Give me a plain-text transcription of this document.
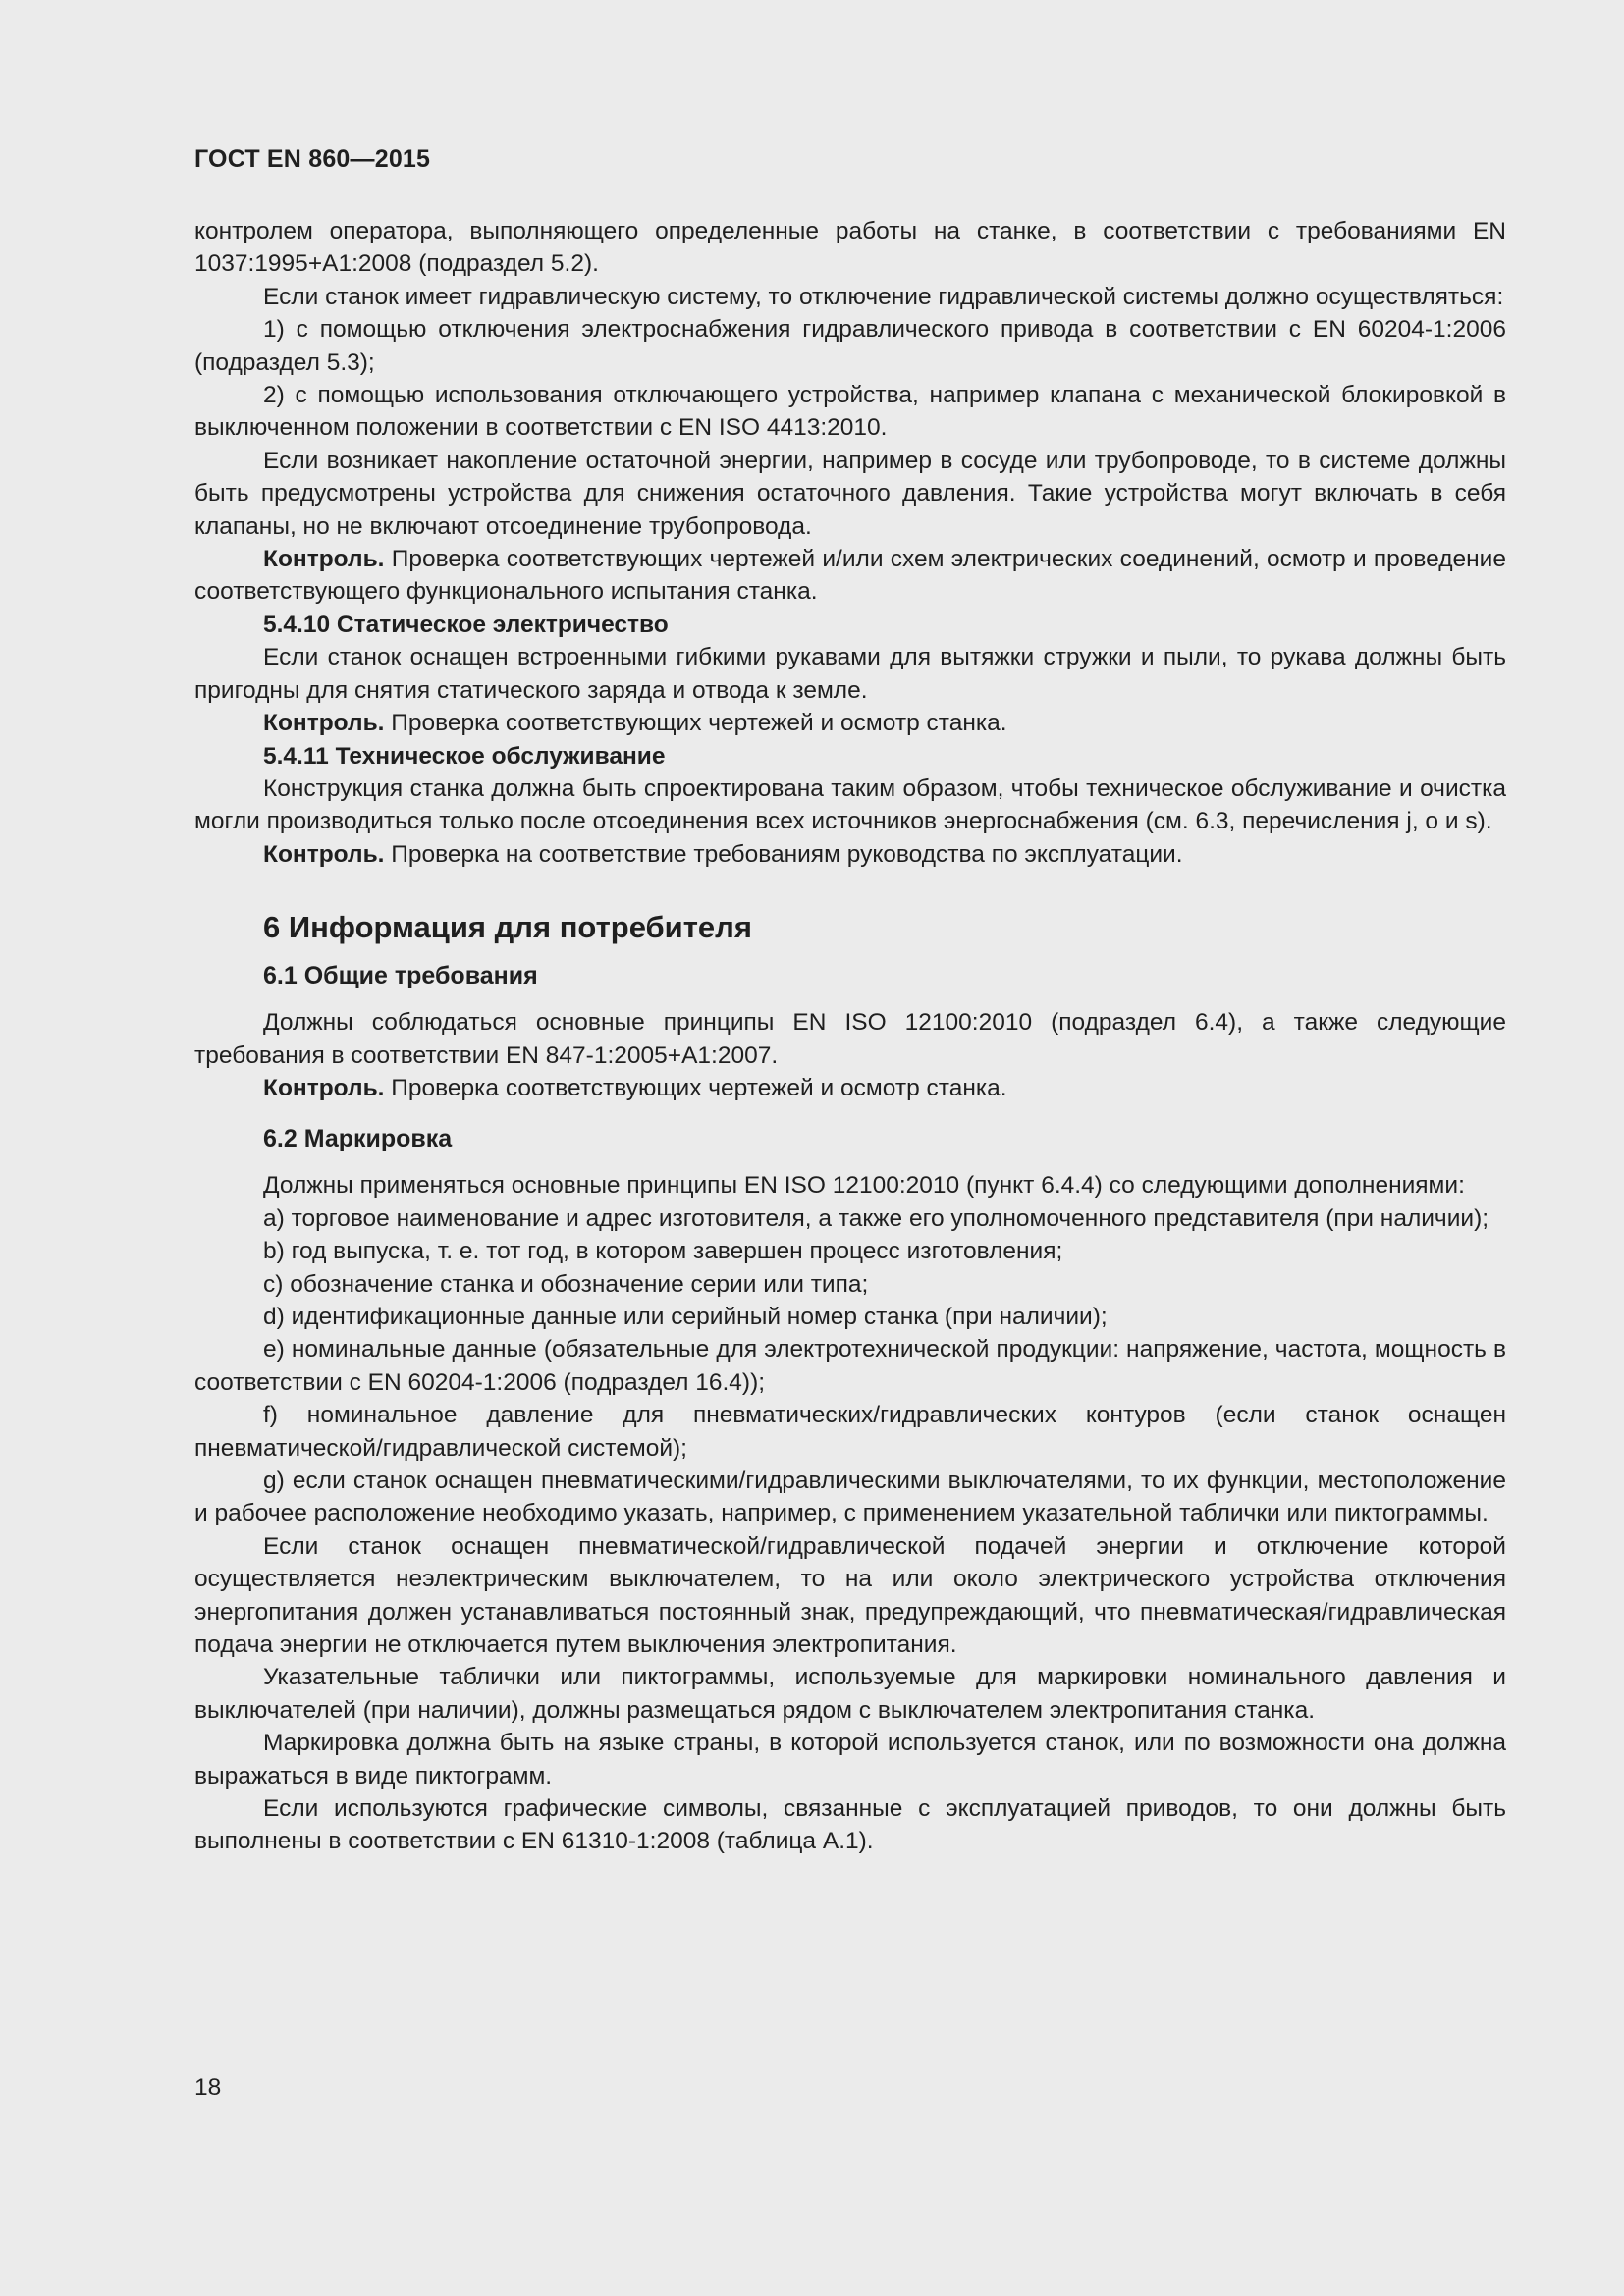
ГОСТ EN 860—2015

контролем оператора, выполняющего определенные работы на станке, в соответствии с требованиями EN 1037:1995+A1:2008 (подраздел 5.2).

Если станок имеет гидравлическую систему, то отключение гидравлической системы должно осуществляться:

1) с помощью отключения электроснабжения гидравлического привода в соответствии с EN 60204-1:2006 (подраздел 5.3);

2) с помощью использования отключающего устройства, например клапана с механической блокировкой в выключенном положении в соответствии с EN ISO 4413:2010.

Если возникает накопление остаточной энергии, например в сосуде или трубопроводе, то в системе должны быть предусмотрены устройства для снижения остаточного давления. Такие устройства могут включать в себя клапаны, но не включают отсоединение трубопровода.

Контроль. Проверка соответствующих чертежей и/или схем электрических соединений, осмотр и проведение соответствующего функционального испытания станка.

5.4.10 Статическое электричество

Если станок оснащен встроенными гибкими рукавами для вытяжки стружки и пыли, то рукава должны быть пригодны для снятия статического заряда и отвода к земле.

Контроль. Проверка соответствующих чертежей и осмотр станка.

5.4.11 Техническое обслуживание

Конструкция станка должна быть спроектирована таким образом, чтобы техническое обслуживание и очистка могли производиться только после отсоединения всех источников энергоснабжения (см. 6.3, перечисления j, o и s).

Контроль. Проверка на соответствие требованиям руководства по эксплуатации.

6 Информация для потребителя
6.1 Общие требования

Должны соблюдаться основные принципы EN ISO 12100:2010 (подраздел 6.4), а также следующие требования в соответствии EN 847-1:2005+A1:2007.

Контроль. Проверка соответствующих чертежей и осмотр станка.

6.2 Маркировка

Должны применяться основные принципы EN ISO 12100:2010 (пункт 6.4.4) со следующими дополнениями:

a) торговое наименование и адрес изготовителя, а также его уполномоченного представителя (при наличии);

b) год выпуска, т. е. тот год, в котором завершен процесс изготовления;

c) обозначение станка и обозначение серии или типа;

d) идентификационные данные или серийный номер станка (при наличии);

e) номинальные данные (обязательные для электротехнической продукции: напряжение, частота, мощность в соответствии с EN 60204-1:2006 (подраздел 16.4));

f) номинальное давление для пневматических/гидравлических контуров (если станок оснащен пневматической/гидравлической системой);

g) если станок оснащен пневматическими/гидравлическими выключателями, то их функции, местоположение и рабочее расположение необходимо указать, например, с применением указательной таблички или пиктограммы.

Если станок оснащен пневматической/гидравлической подачей энергии и отключение которой осуществляется неэлектрическим выключателем, то на или около электрического устройства отключения энергопитания должен устанавливаться постоянный знак, предупреждающий, что пневматическая/гидравлическая подача энергии не отключается путем выключения электропитания.

Указательные таблички или пиктограммы, используемые для маркировки номинального давления и выключателей (при наличии), должны размещаться рядом с выключателем электропитания станка.

Маркировка должна быть на языке страны, в которой используется станок, или по возможности она должна выражаться в виде пиктограмм.

Если используются графические символы, связанные с эксплуатацией приводов, то они должны быть выполнены в соответствии с EN 61310-1:2008 (таблица А.1).

18
